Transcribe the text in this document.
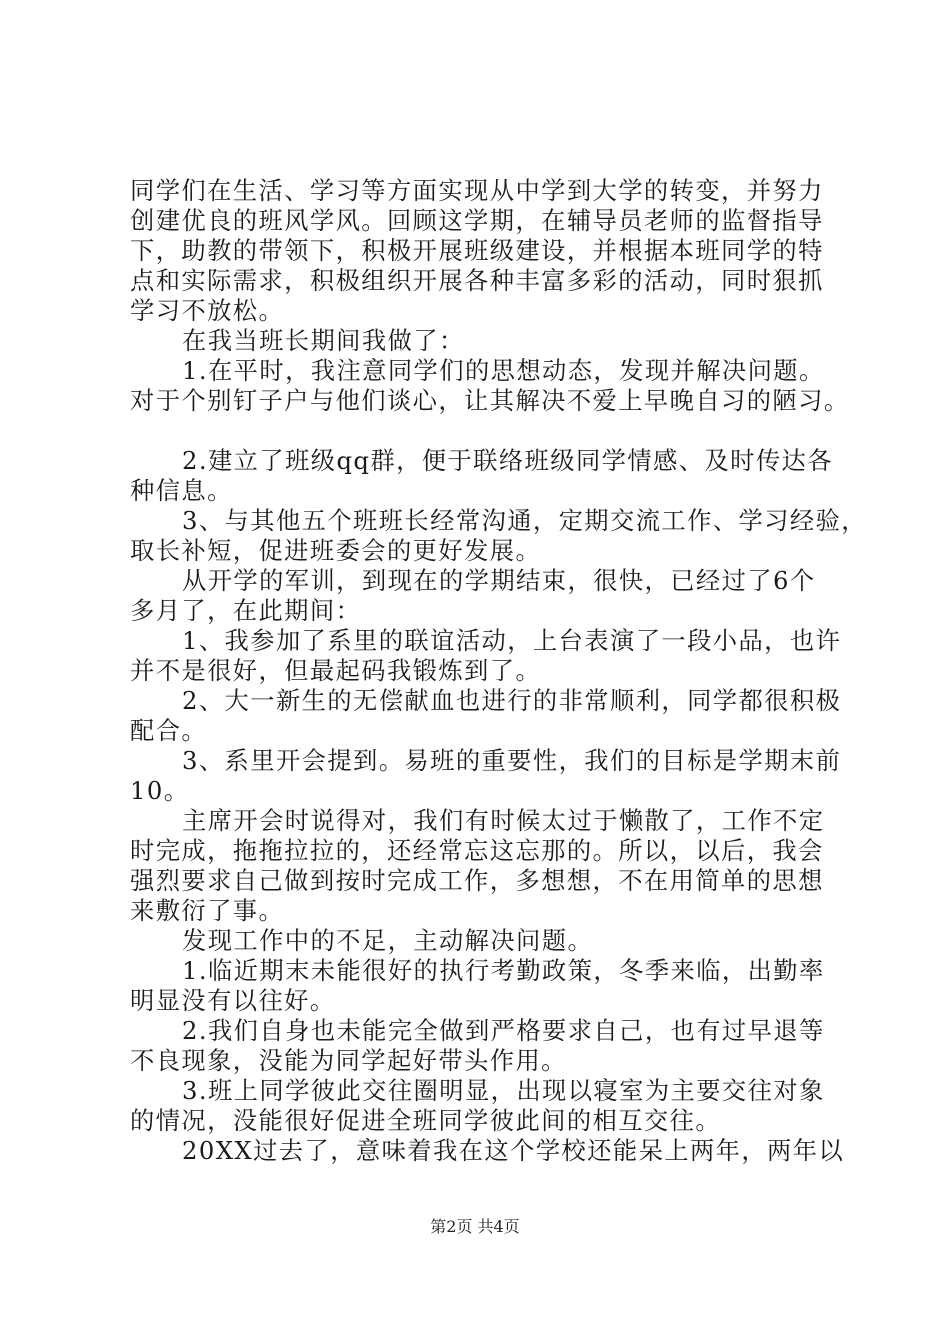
同学们在生活、学习等方面实现从中学到大学的转变，并努力
创建优良的班风学风。回顾这学期，在辅导员老师的监督指导
下，助教的带领下，积极开展班级建设，并根据本班同学的特
点和实际需求，积极组织开展各种丰富多彩的活动，同时狠抓
学习不放松。
在我当班长期间我做了：
1.在平时，我注意同学们的思想动态，发现并解决问题。
对于个别钉子户与他们谈心，让其解决不爱上早晚自习的陋习。
2.建立了班级qq群，便于联络班级同学情感、及时传达各
种信息。
3、与其他五个班班长经常沟通，定期交流工作、学习经验，
取长补短，促进班委会的更好发展。
从开学的军训，到现在的学期结束，很快，已经过了6个
多月了，在此期间：
1、我参加了系里的联谊活动，上台表演了一段小品，也许
并不是很好，但最起码我锻炼到了。
2、大一新生的无偿献血也进行的非常顺利，同学都很积极
配合。
3、系里开会提到。易班的重要性，我们的目标是学期末前
10。
主席开会时说得对，我们有时候太过于懒散了，工作不定
时完成，拖拖拉拉的，还经常忘这忘那的。所以，以后，我会
强烈要求自己做到按时完成工作，多想想，不在用简单的思想
来敷衍了事。
发现工作中的不足，主动解决问题。
1.临近期末未能很好的执行考勤政策，冬季来临，出勤率
明显没有以往好。
2.我们自身也未能完全做到严格要求自己，也有过早退等
不良现象，没能为同学起好带头作用。
3.班上同学彼此交往圈明显，出现以寝室为主要交往对象
的情况，没能很好促进全班同学彼此间的相互交往。
20XX过去了，意味着我在这个学校还能呆上两年，两年以
第2页 共4页
